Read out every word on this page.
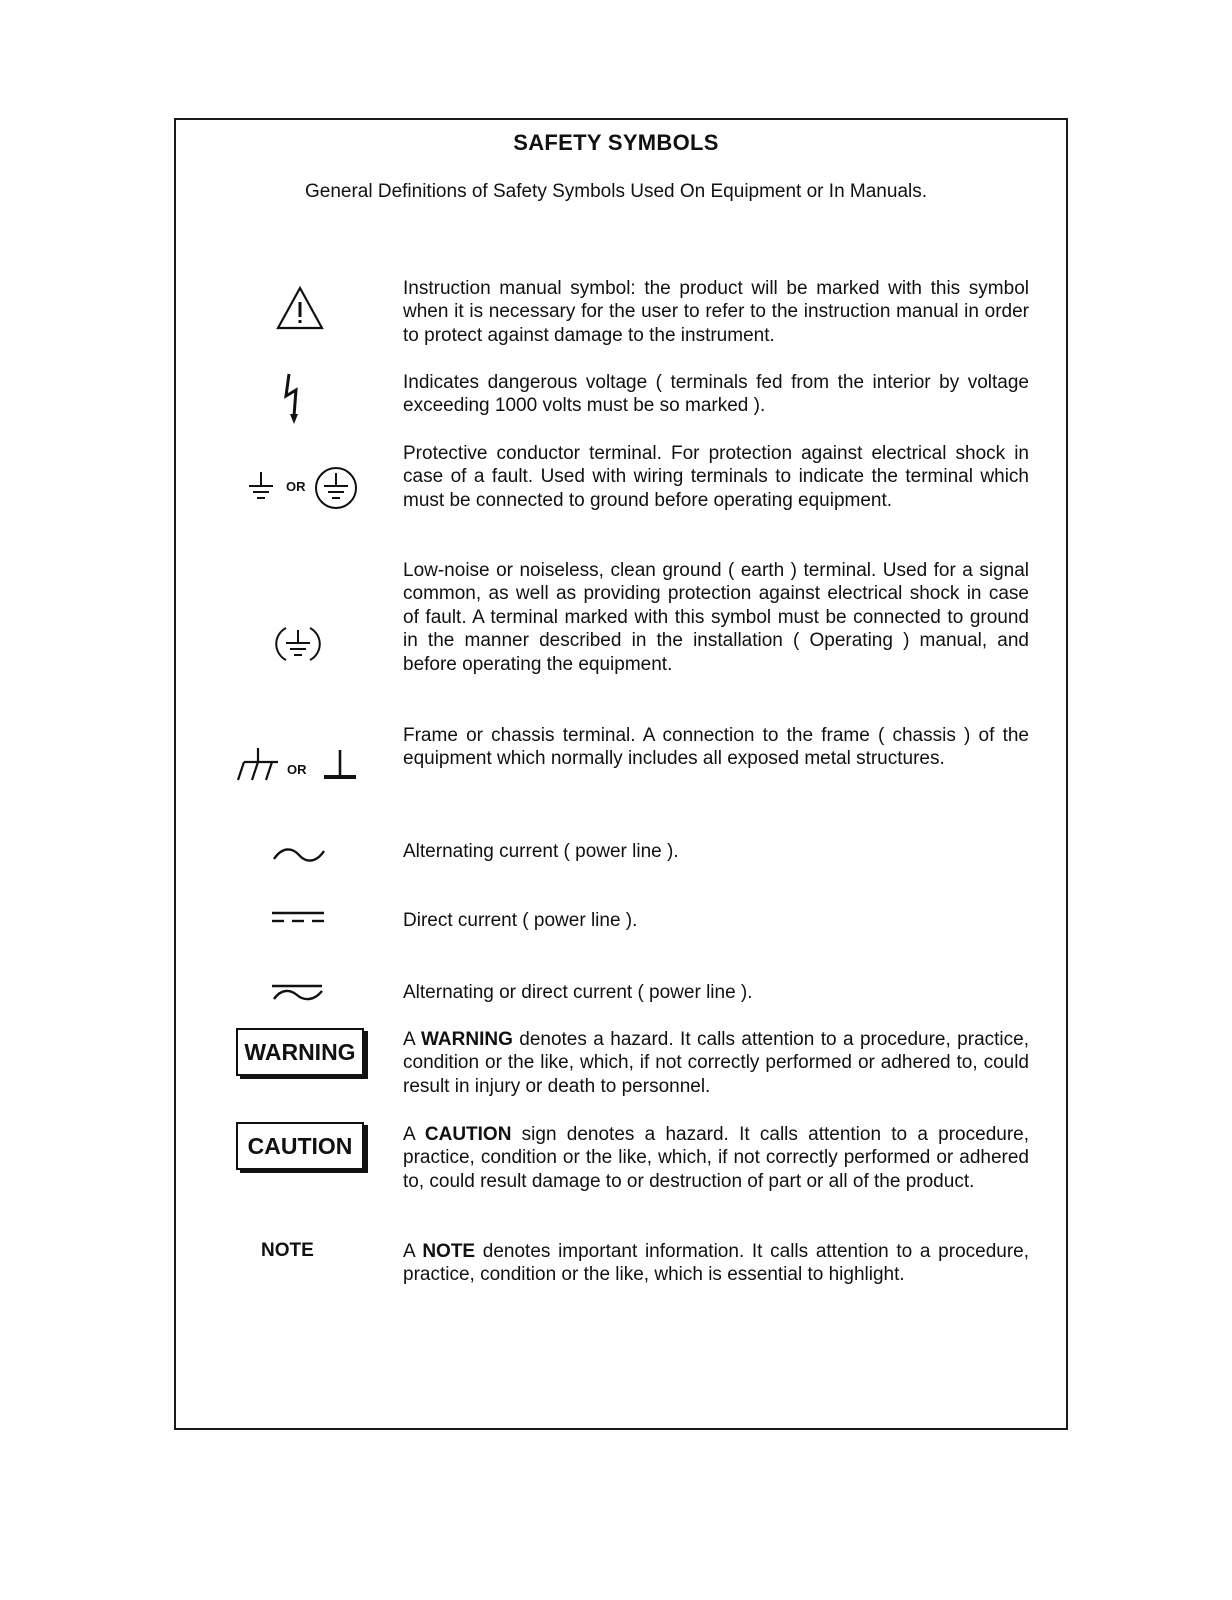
SAFETY SYMBOLS
General Definitions of Safety Symbols Used On Equipment or In Manuals.
Instruction manual symbol: the product will be marked with this symbol when it is necessary for the user to refer to the instruction manual in order to protect against damage to the instrument.
Indicates dangerous voltage ( terminals fed from the interior by voltage exceeding 1000 volts must be so marked ).
OR
Protective conductor terminal. For protection against electrical shock in case of a fault. Used with wiring terminals to indicate the terminal which must be connected to ground before operating equipment.
Low-noise or noiseless, clean ground ( earth ) terminal. Used for a signal common, as well as providing protection against electrical shock in case of fault. A terminal marked with this symbol must be connected to ground in the manner described in the installation ( Operating ) manual, and before operating the equipment.
OR
Frame or chassis terminal. A connection to the frame ( chassis ) of the equipment which normally includes all exposed metal structures.
Alternating current ( power line ).
Direct current ( power line ).
Alternating or direct current ( power line ).
WARNING	A WARNING denotes a hazard. It calls attention to a procedure, practice, condition or the like, which, if not correctly performed or adhered to, could result in injury or death to personnel.
CAUTION	A CAUTION sign denotes a hazard. It calls attention to a procedure, practice, condition or the like, which, if not correctly performed or adhered to, could result damage to or destruction of part or all of the product.
NOTE	A NOTE denotes important information. It calls attention to a procedure, practice, condition or the like, which is essential to highlight.
